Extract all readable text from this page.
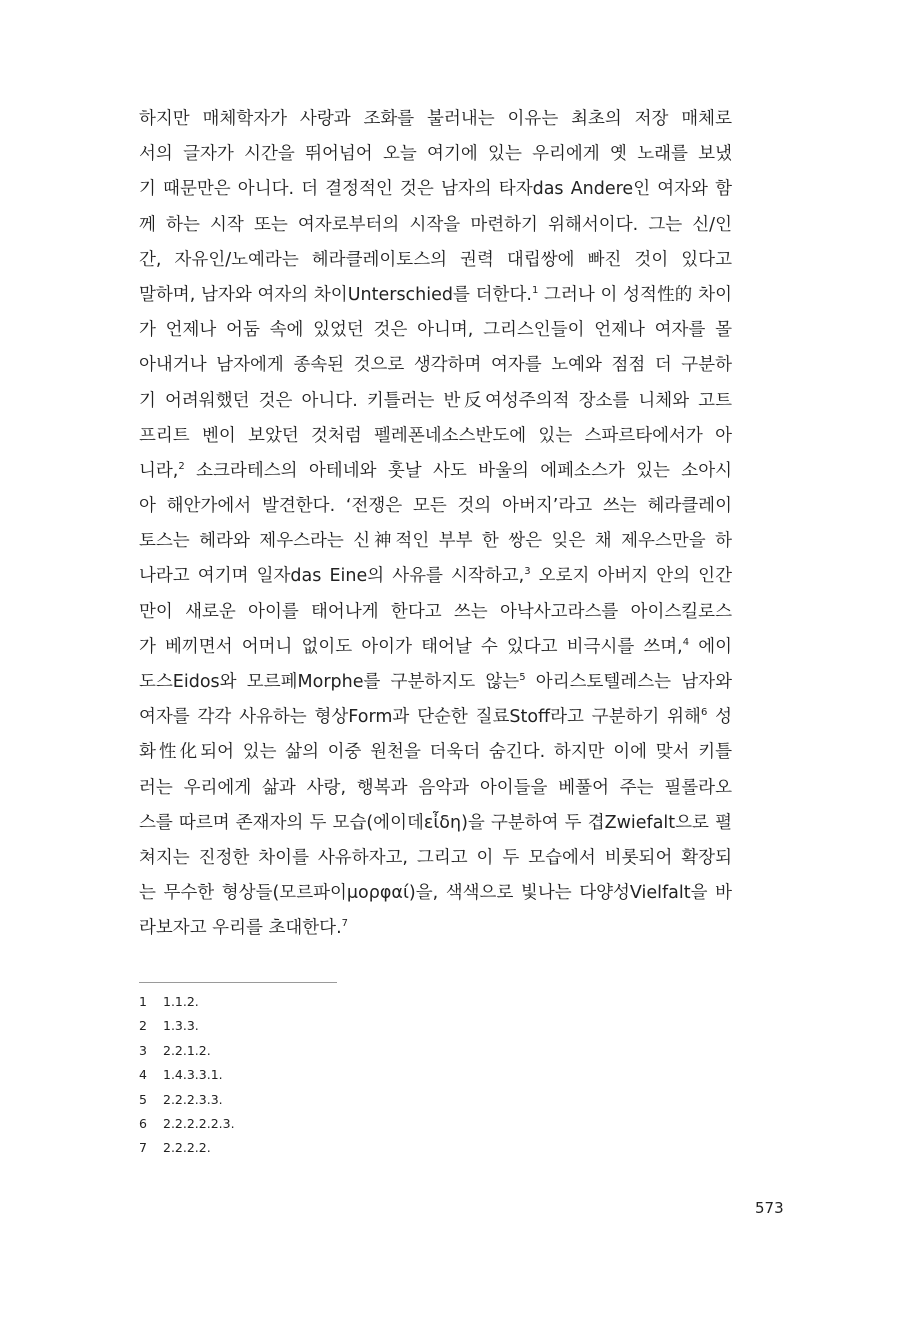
하지만 매체학자가 사랑과 조화를 불러내는 이유는 최초의 저장 매체로
서의 글자가 시간을 뛰어넘어 오늘 여기에 있는 우리에게 옛 노래를 보냈
기 때문만은 아니다. 더 결정적인 것은 남자의 타자das Andere인 여자와 함
께 하는 시작 또는 여자로부터의 시작을 마련하기 위해서이다. 그는 신/인
간, 자유인/노예라는 헤라클레이토스의 권력 대립쌍에 빠진 것이 있다고
말하며, 남자와 여자의 차이Unterschied를 더한다.$^1$ 그러나 이 성적性的 차이
가 언제나 어둠 속에 있었던 것은 아니며, 그리스인들이 언제나 여자를 몰
아내거나 남자에게 종속된 것으로 생각하며 여자를 노예와 점점 더 구분하
기 어려워했던 것은 아니다. 키틀러는 반反여성주의적 장소를 니체와 고트
프리트 벤이 보았던 것처럼 펠레폰네소스반도에 있는 스파르타에서가 아
니라,$^2$ 소크라테스의 아테네와 훗날 사도 바울의 에페소스가 있는 소아시
아 해안가에서 발견한다. ‘전쟁은 모든 것의 아버지’라고 쓰는 헤라클레이
토스는 헤라와 제우스라는 신神적인 부부 한 쌍은 잊은 채 제우스만을 하
나라고 여기며 일자das Eine의 사유를 시작하고,$^3$ 오로지 아버지 안의 인간
만이 새로운 아이를 태어나게 한다고 쓰는 아낙사고라스를 아이스킬로스
가 베끼면서 어머니 없이도 아이가 태어날 수 있다고 비극시를 쓰며,$^4$ 에이
도스Eidos와 모르페Morphe를 구분하지도 않는$^5$ 아리스토텔레스는 남자와
여자를 각각 사유하는 형상Form과 단순한 질료Stoff라고 구분하기 위해$^6$ 성
화性化되어 있는 삶의 이중 원천을 더욱더 숨긴다. 하지만 이에 맞서 키틀
러는 우리에게 삶과 사랑, 행복과 음악과 아이들을 베풀어 주는 필롤라오
스를 따르며 존재자의 두 모습(에이데εἶδη)을 구분하여 두 겹Zwiefalt으로 펼
쳐지는 진정한 차이를 사유하자고, 그리고 이 두 모습에서 비롯되어 확장되
는 무수한 형상들(모르파이μορφαί)을, 색색으로 빛나는 다양성Vielfalt을 바
라보자고 우리를 초대한다.$^7$
1 1.1.2.
2 1.3.3.
3 2.2.1.2.
4 1.4.3.3.1.
5 2.2.2.3.3.
6 2.2.2.2.2.3.
7 2.2.2.2.
573
